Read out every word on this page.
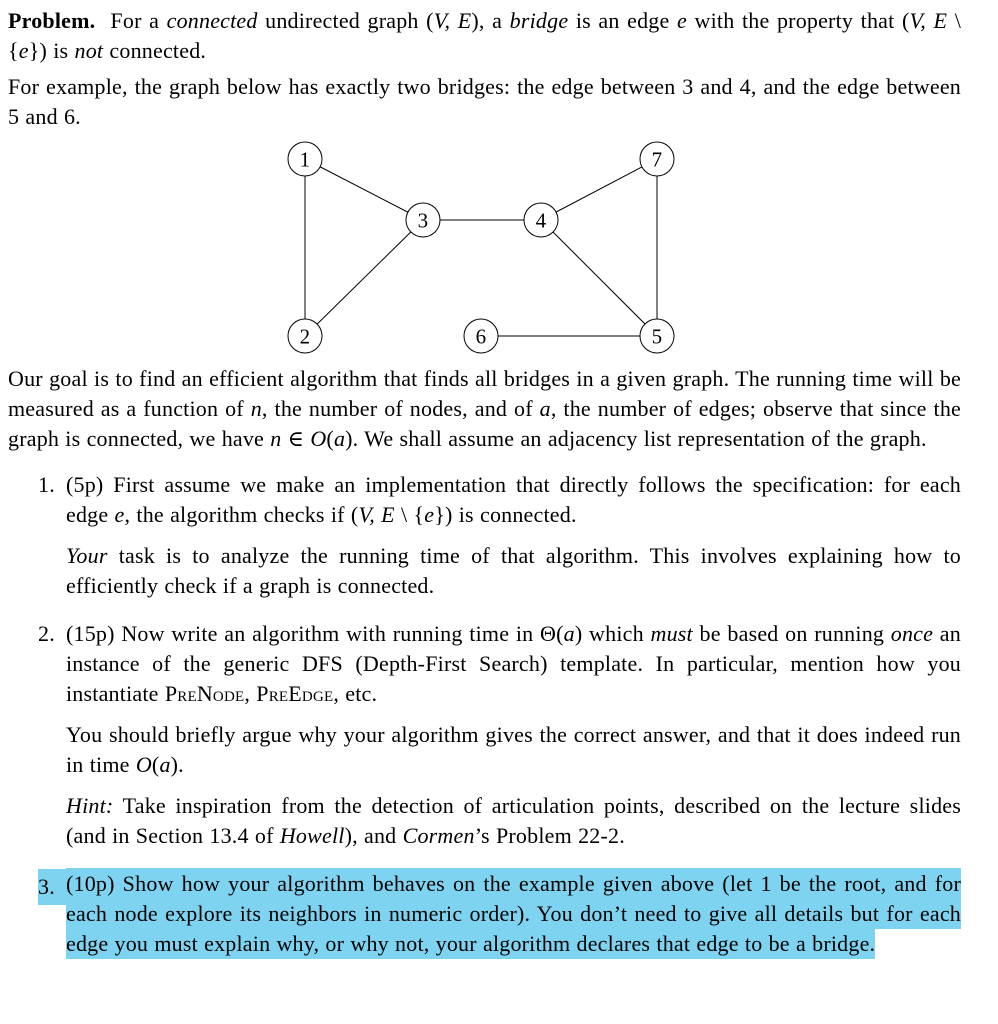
Problem.  For a connected undirected graph (V, E), a bridge is an edge e with the property that (V, E \ {e}) is not connected.

For example, the graph below has exactly two bridges: the edge between 3 and 4, and the edge between 5 and 6.

1	7
3	4
2	6	5

Our goal is to find an efficient algorithm that finds all bridges in a given graph. The running time will be measured as a function of n, the number of nodes, and of a, the number of edges; observe that since the graph is connected, we have n ∈ O(a). We shall assume an adjacency list representation of the graph.

1. (5p) First assume we make an implementation that directly follows the specification: for each edge e, the algorithm checks if (V, E \ {e}) is connected.

Your task is to analyze the running time of that algorithm. This involves explaining how to efficiently check if a graph is connected.

2. (15p) Now write an algorithm with running time in Θ(a) which must be based on running once an instance of the generic DFS (Depth-First Search) template. In particular, mention how you instantiate PreNode, PreEdge, etc.

You should briefly argue why your algorithm gives the correct answer, and that it does indeed run in time O(a).

Hint: Take inspiration from the detection of articulation points, described on the lecture slides (and in Section 13.4 of Howell), and Cormen’s Problem 22-2.

3. (10p) Show how your algorithm behaves on the example given above (let 1 be the root, and for each node explore its neighbors in numeric order). You don’t need to give all details but for each edge you must explain why, or why not, your algorithm declares that edge to be a bridge.
